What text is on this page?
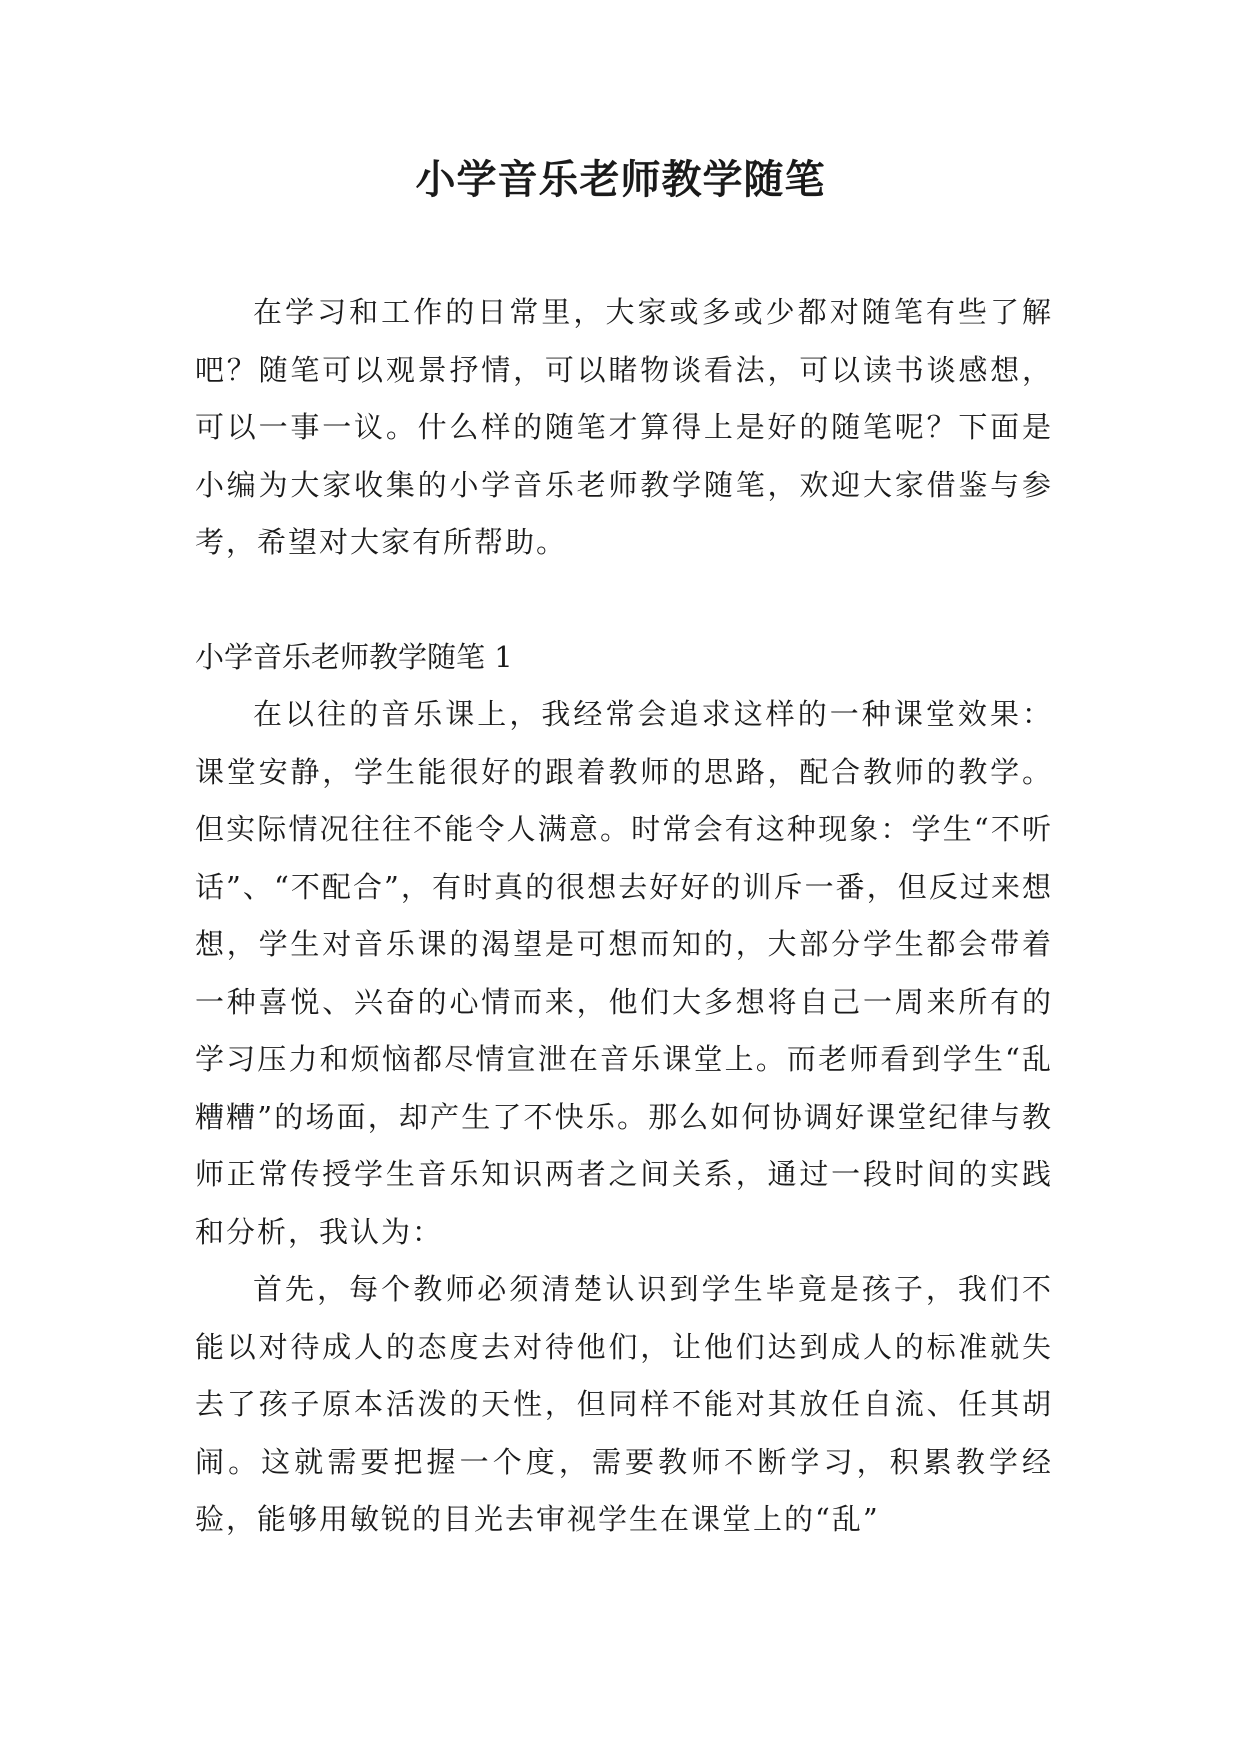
小学音乐老师教学随笔

在学习和工作的日常里，大家或多或少都对随笔有些了解吧？随笔可以观景抒情，可以睹物谈看法，可以读书谈感想，可以一事一议。什么样的随笔才算得上是好的随笔呢？下面是小编为大家收集的小学音乐老师教学随笔，欢迎大家借鉴与参考，希望对大家有所帮助。

小学音乐老师教学随笔 1

在以往的音乐课上，我经常会追求这样的一种课堂效果：课堂安静，学生能很好的跟着教师的思路，配合教师的教学。但实际情况往往不能令人满意。时常会有这种现象：学生“不听话”、“不配合”，有时真的很想去好好的训斥一番，但反过来想想，学生对音乐课的渴望是可想而知的，大部分学生都会带着一种喜悦、兴奋的心情而来，他们大多想将自己一周来所有的学习压力和烦恼都尽情宣泄在音乐课堂上。而老师看到学生“乱糟糟”的场面，却产生了不快乐。那么如何协调好课堂纪律与教师正常传授学生音乐知识两者之间关系，通过一段时间的实践和分析，我认为：

首先，每个教师必须清楚认识到学生毕竟是孩子，我们不能以对待成人的态度去对待他们，让他们达到成人的标准就失去了孩子原本活泼的天性，但同样不能对其放任自流、任其胡闹。这就需要把握一个度，需要教师不断学习，积累教学经验，能够用敏锐的目光去审视学生在课堂上的“乱”
